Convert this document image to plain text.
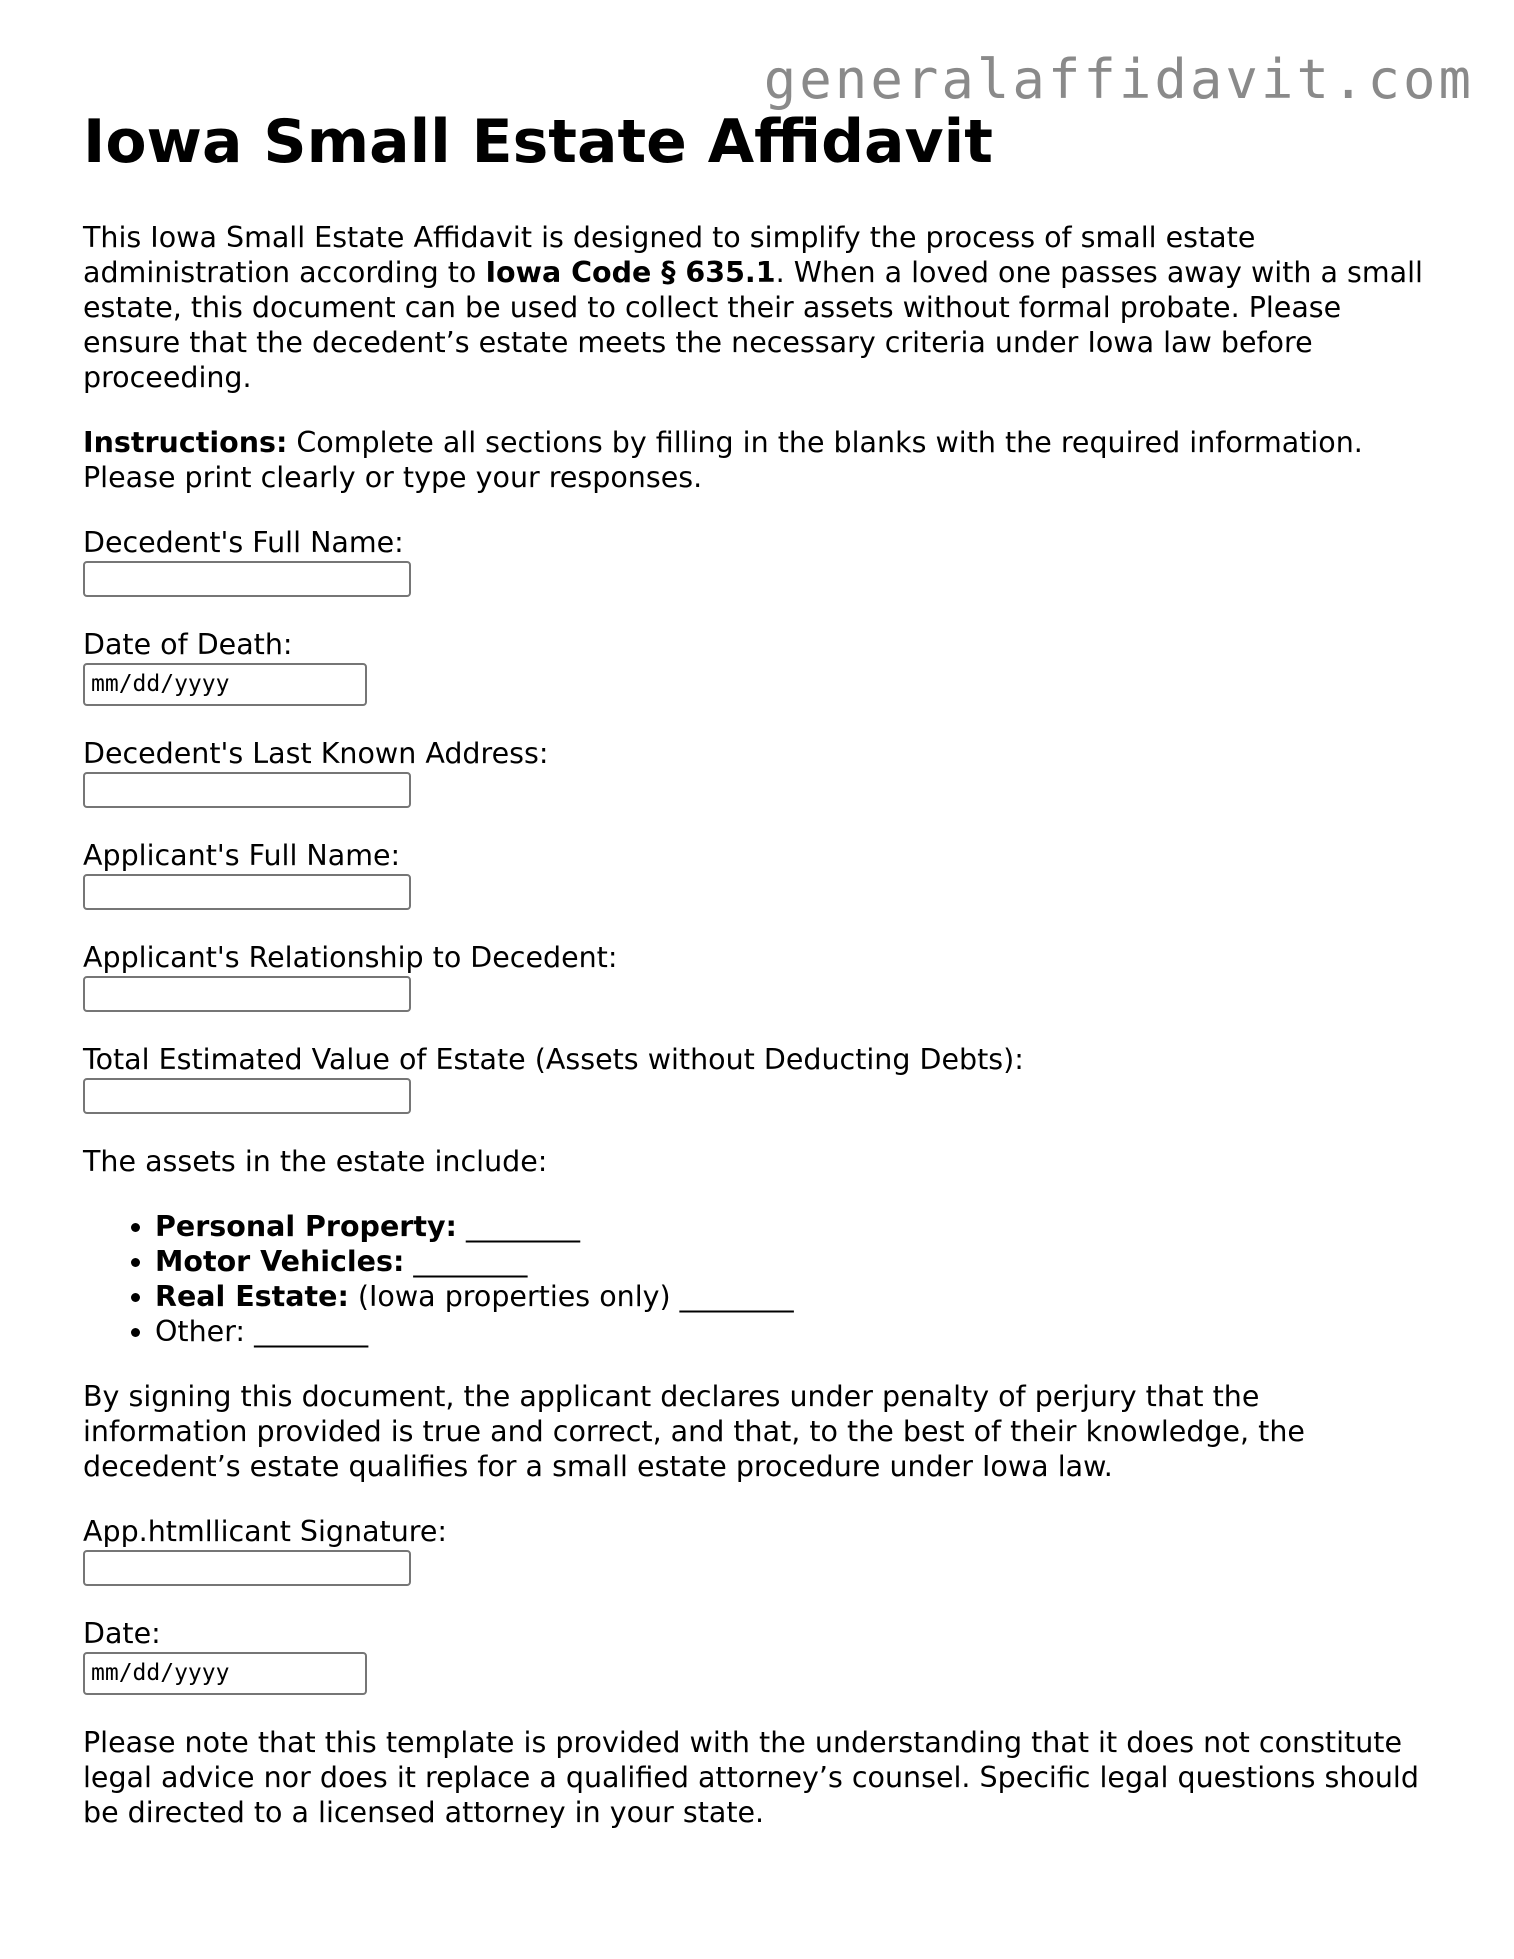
generalaffidavit.com
Iowa Small Estate Affidavit

This Iowa Small Estate Affidavit is designed to simplify the process of small estate administration according to Iowa Code § 635.1. When a loved one passes away with a small estate, this document can be used to collect their assets without formal probate. Please ensure that the decedent’s estate meets the necessary criteria under Iowa law before proceeding.

Instructions: Complete all sections by filling in the blanks with the required information. Please print clearly or type your responses.

Decedent's Full Name:
Date of Death:
mm/dd/yyyy
Decedent's Last Known Address:
Applicant's Full Name:
Applicant's Relationship to Decedent:
Total Estimated Value of Estate (Assets without Deducting Debts):

The assets in the estate include:

• Personal Property: ________
• Motor Vehicles: ________
• Real Estate: (Iowa properties only) ________
• Other: ________

By signing this document, the applicant declares under penalty of perjury that the information provided is true and correct, and that, to the best of their knowledge, the decedent’s estate qualifies for a small estate procedure under Iowa law.

App.htmllicant Signature:
Date:
mm/dd/yyyy

Please note that this template is provided with the understanding that it does not constitute legal advice nor does it replace a qualified attorney’s counsel. Specific legal questions should be directed to a licensed attorney in your state.
